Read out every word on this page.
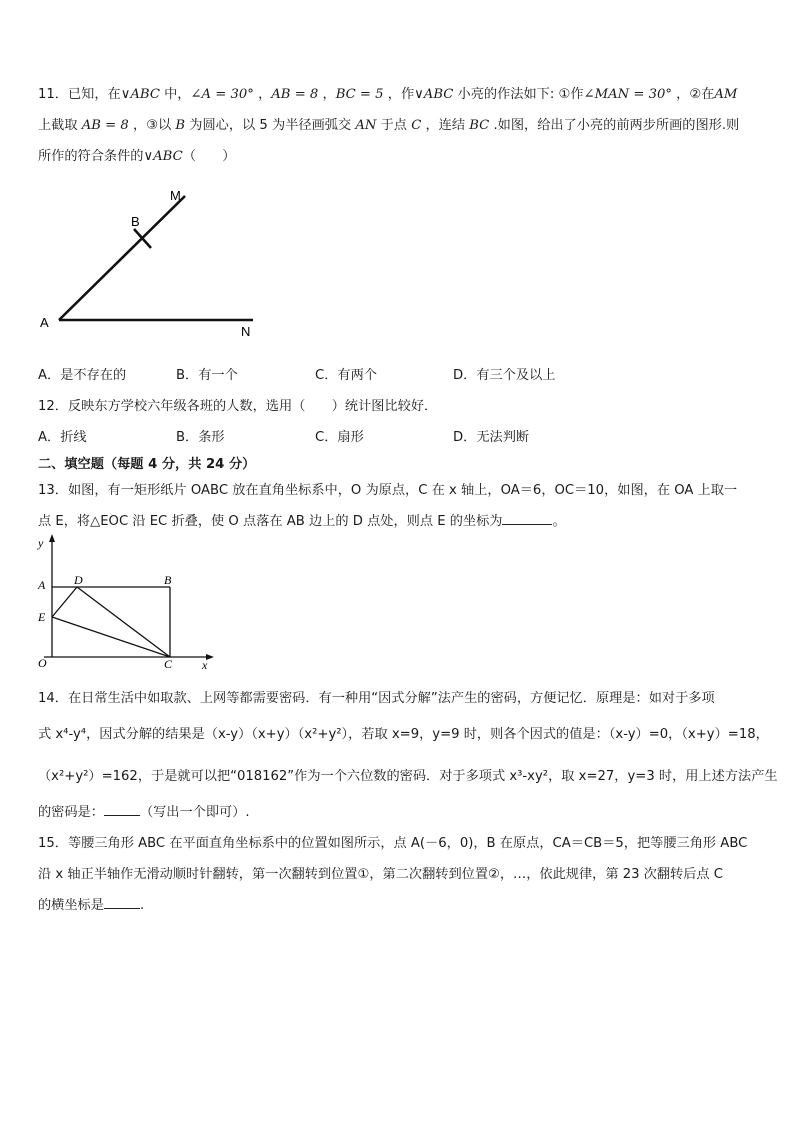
11．已知，在∨ABC 中，∠A = 30° ，AB = 8 ，BC = 5 ，作∨ABC 小亮的作法如下: ①作∠MAN = 30° ，②在AM
上截取 AB = 8 ，③以 B 为圆心，以 5 为半径画弧交 AN 于点 C ，连结 BC .如图，给出了小亮的前两步所画的图形.则
所作的符合条件的∨ABC（　　）
M
B
A
N
A．是不存在的	B．有一个	C．有两个	D．有三个及以上
12．反映东方学校六年级各班的人数，选用（　　）统计图比较好．
A．折线	B．条形	C．扇形	D．无法判断
二、填空题（每题 4 分，共 24 分）
13．如图，有一矩形纸片 OABC 放在直角坐标系中，O 为原点，C 在 x 轴上，OA＝6，OC＝10，如图，在 OA 上取一
点 E，将△EOC 沿 EC 折叠，使 O 点落在 AB 边上的 D 点处，则点 E 的坐标为	。
y
x
A D	B
E
O	C
14．在日常生活中如取款、上网等都需要密码．有一种用“因式分解”法产生的密码，方便记忆．原理是：如对于多项
式 x⁴-y⁴，因式分解的结果是（x-y）（x+y）（x²+y²），若取 x=9，y=9 时，则各个因式的值是：（x-y）=0，（x+y）=18，
（x²+y²）=162，于是就可以把“018162”作为一个六位数的密码．对于多项式 x³-xy²，取 x=27，y=3 时，用上述方法产生
的密码是：	（写出一个即可）.
15．等腰三角形 ABC 在平面直角坐标系中的位置如图所示，点 A(－6，0)，B 在原点，CA＝CB＝5，把等腰三角形 ABC
沿 x 轴正半轴作无滑动顺时针翻转，第一次翻转到位置①，第二次翻转到位置②，…，依此规律，第 23 次翻转后点 C
的横坐标是	.
